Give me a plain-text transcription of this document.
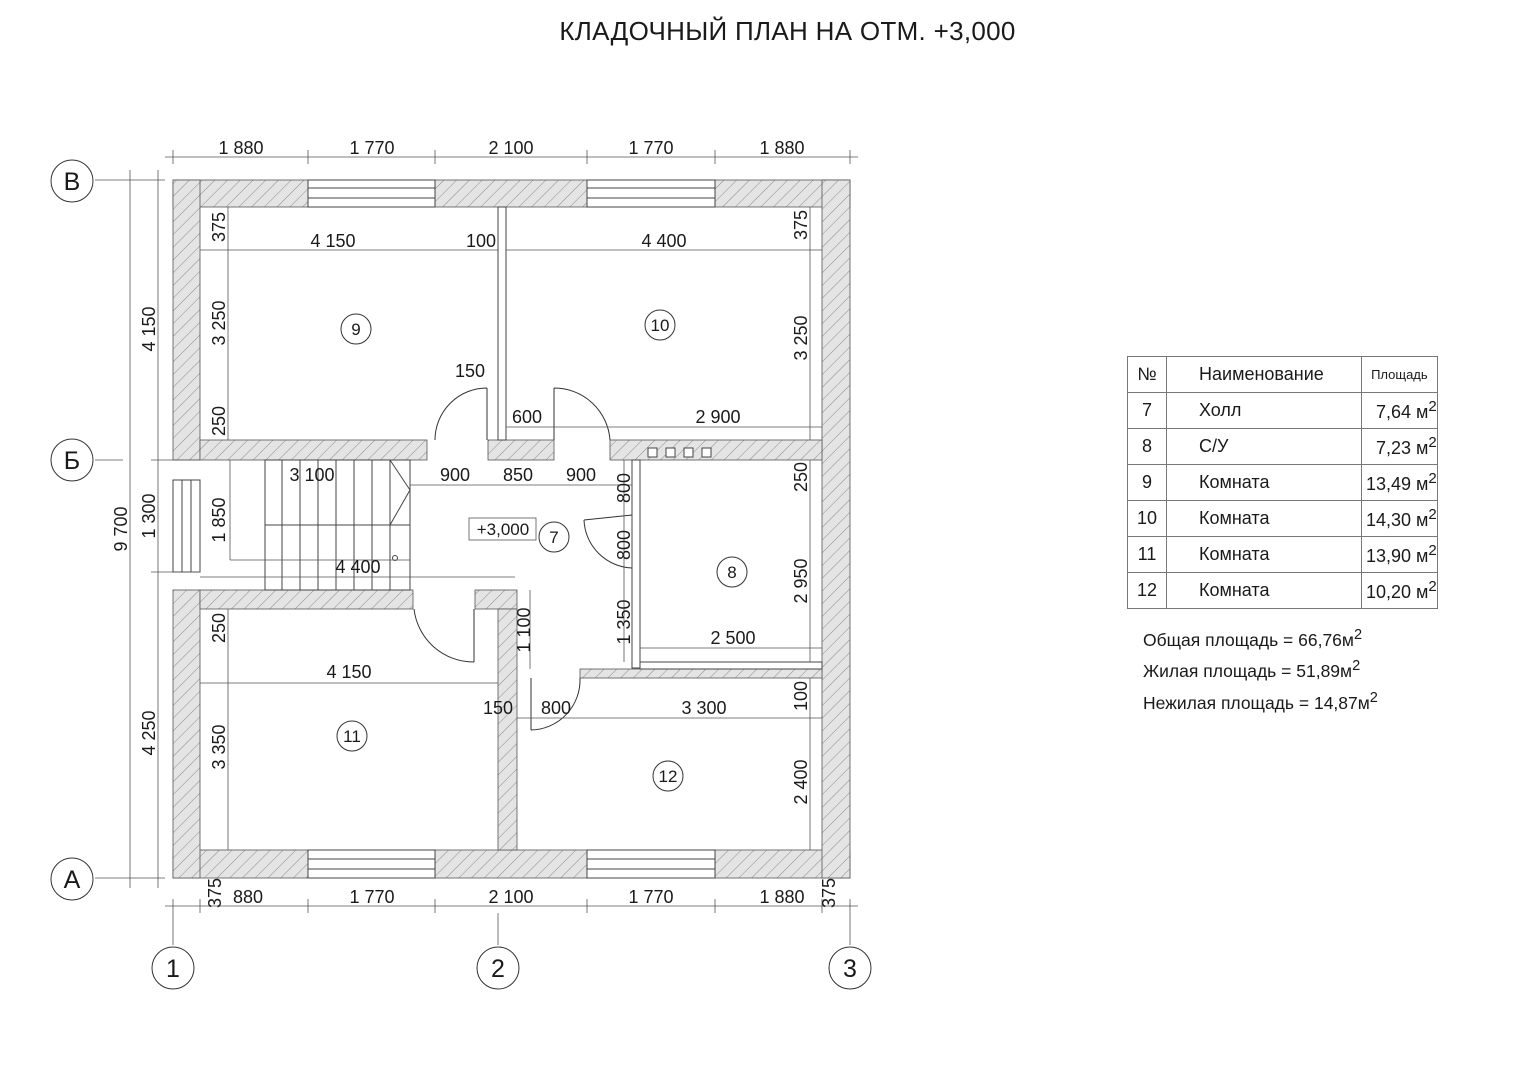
КЛАДОЧНЫЙ ПЛАН НА ОТМ. +3,000
В
Б
А
1	2	3
7
8
9	10
11
12
+3,000
1 880	1 770	2 100	1 770	1 880
880	1 770	2 100	1 770	1 880
4 150	100	4 400
150
600	2 900
3 100	900 850 900
4 400
2 500
4 150
150 800	3 300
9 700
4 150
1 300
4 250
375
3 250
250
375
3 250
1 850
800
800
1 350
1 100
250
2 950
250
3 350
100
2 400
375	375
№	Наименование	Площадь
7	Холл	7,64 $м^2$
8	С/У	7,23 $м^2$
9	Комната	13,49 $м^2$
10	Комната	14,30 $м^2$
11	Комната	13,90 $м^2$
12	Комната	10,20 $м^2$
Общая площадь = $66,76м^2$
Жилая площадь = $51,89м^2$
Нежилая площадь = $14,87м^2$
